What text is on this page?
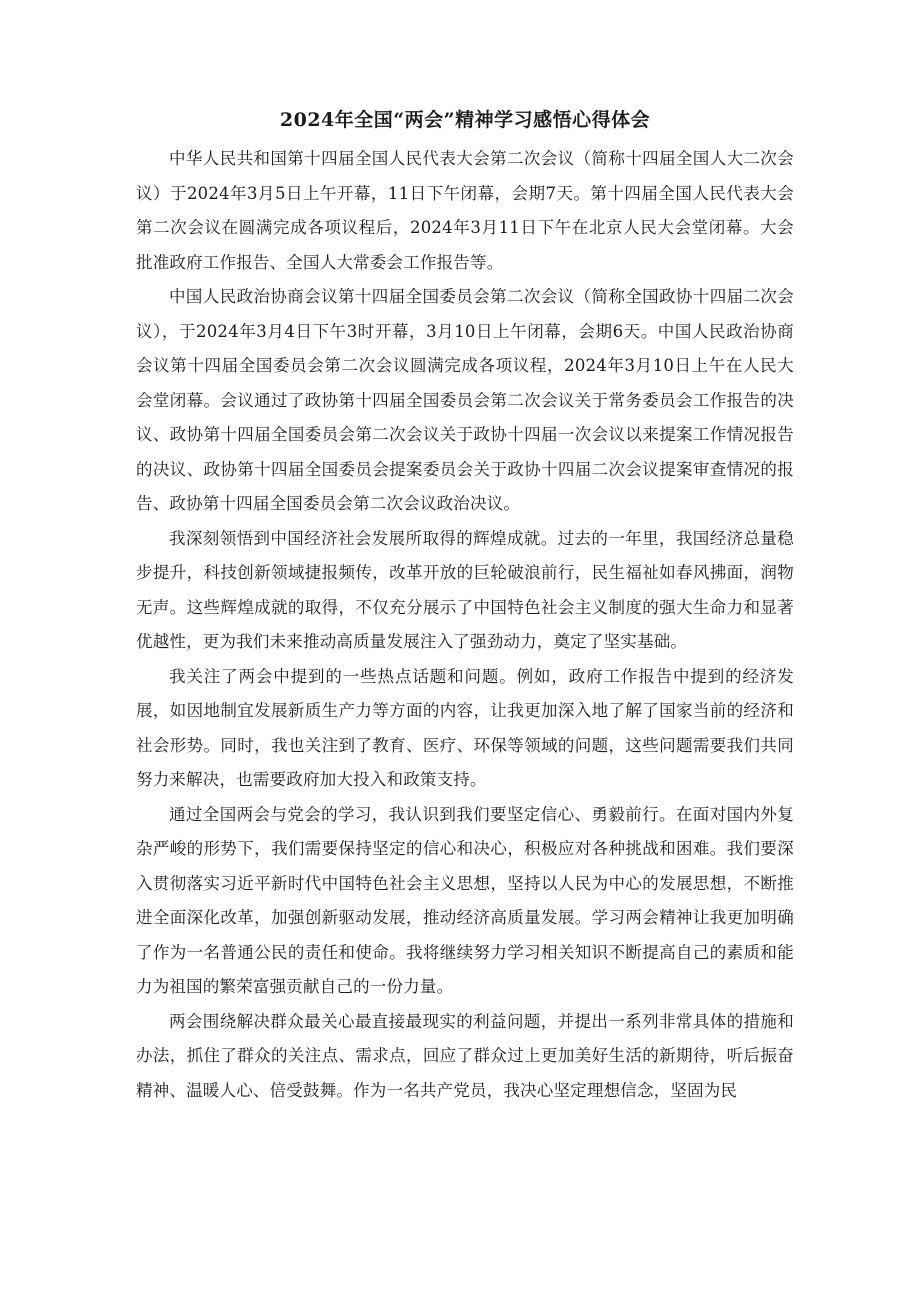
2024年全国“两会”精神学习感悟心得体会

中华人民共和国第十四届全国人民代表大会第二次会议（简称十四届全国人大二次会议）于2024年3月5日上午开幕，11日下午闭幕，会期7天。第十四届全国人民代表大会第二次会议在圆满完成各项议程后，2024年3月11日下午在北京人民大会堂闭幕。大会批准政府工作报告、全国人大常委会工作报告等。

中国人民政治协商会议第十四届全国委员会第二次会议（简称全国政协十四届二次会议），于2024年3月4日下午3时开幕，3月10日上午闭幕，会期6天。中国人民政治协商会议第十四届全国委员会第二次会议圆满完成各项议程，2024年3月10日上午在人民大会堂闭幕。会议通过了政协第十四届全国委员会第二次会议关于常务委员会工作报告的决议、政协第十四届全国委员会第二次会议关于政协十四届一次会议以来提案工作情况报告的决议、政协第十四届全国委员会提案委员会关于政协十四届二次会议提案审查情况的报告、政协第十四届全国委员会第二次会议政治决议。

我深刻领悟到中国经济社会发展所取得的辉煌成就。过去的一年里，我国经济总量稳步提升，科技创新领域捷报频传，改革开放的巨轮破浪前行，民生福祉如春风拂面，润物无声。这些辉煌成就的取得，不仅充分展示了中国特色社会主义制度的强大生命力和显著优越性，更为我们未来推动高质量发展注入了强劲动力，奠定了坚实基础。

我关注了两会中提到的一些热点话题和问题。例如，政府工作报告中提到的经济发展，如因地制宜发展新质生产力等方面的内容，让我更加深入地了解了国家当前的经济和社会形势。同时，我也关注到了教育、医疗、环保等领域的问题，这些问题需要我们共同努力来解决，也需要政府加大投入和政策支持。

通过全国两会与党会的学习，我认识到我们要坚定信心、勇毅前行。在面对国内外复杂严峻的形势下，我们需要保持坚定的信心和决心，积极应对各种挑战和困难。我们要深入贯彻落实习近平新时代中国特色社会主义思想，坚持以人民为中心的发展思想，不断推进全面深化改革，加强创新驱动发展，推动经济高质量发展。学习两会精神让我更加明确了作为一名普通公民的责任和使命。我将继续努力学习相关知识不断提高自己的素质和能力为祖国的繁荣富强贡献自己的一份力量。

两会围绕解决群众最关心最直接最现实的利益问题，并提出一系列非常具体的措施和办法，抓住了群众的关注点、需求点，回应了群众过上更加美好生活的新期待，听后振奋精神、温暖人心、倍受鼓舞。作为一名共产党员，我决心坚定理想信念，坚固为民
